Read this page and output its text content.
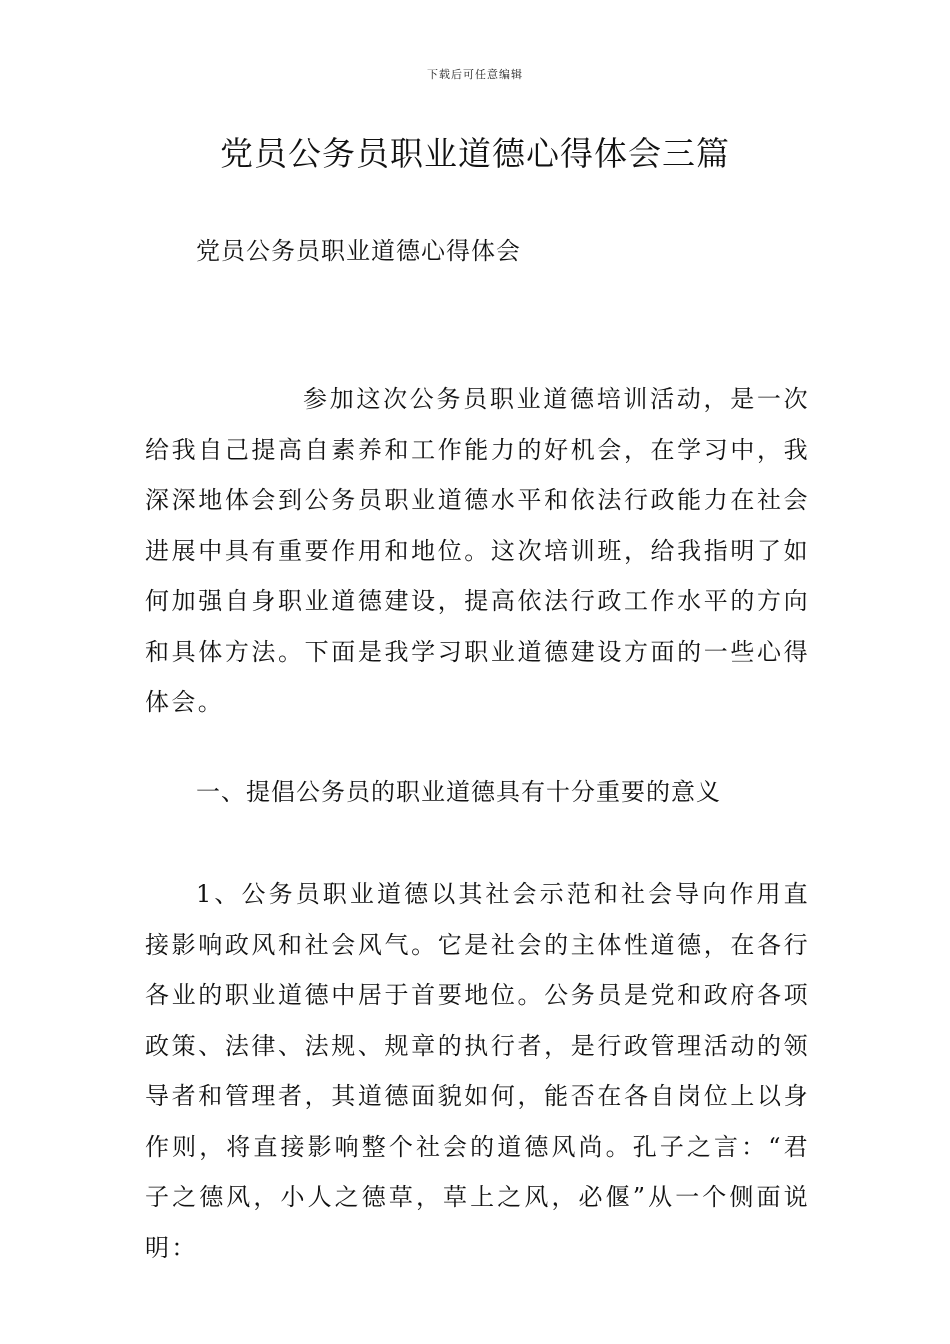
下载后可任意编辑
党员公务员职业道德心得体会三篇

党员公务员职业道德心得体会

参加这次公务员职业道德培训活动，是一次给我自己提高自素养和工作能力的好机会，在学习中，我深深地体会到公务员职业道德水平和依法行政能力在社会进展中具有重要作用和地位。这次培训班，给我指明了如何加强自身职业道德建设，提高依法行政工作水平的方向和具体方法。下面是我学习职业道德建设方面的一些心得体会。

一、提倡公务员的职业道德具有十分重要的意义

1、公务员职业道德以其社会示范和社会导向作用直接影响政风和社会风气。它是社会的主体性道德，在各行各业的职业道德中居于首要地位。公务员是党和政府各项政策、法律、法规、规章的执行者，是行政管理活动的领导者和管理者，其道德面貌如何，能否在各自岗位上以身作则，将直接影响整个社会的道德风尚。孔子之言：“君子之德风，小人之德草，草上之风，必偃”从一个侧面说明：
